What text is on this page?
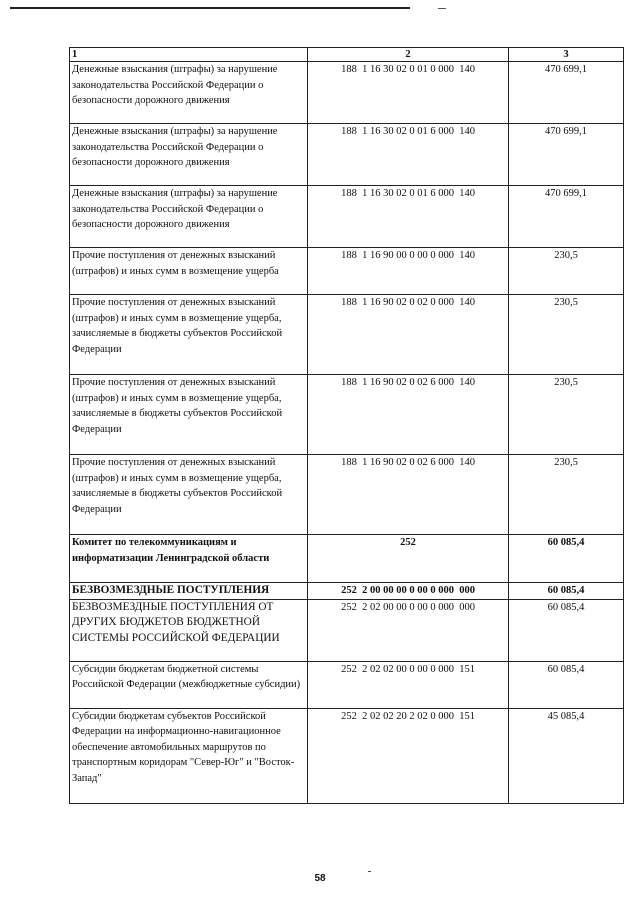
1	2	3
Денежные взыскания (штрафы) за нарушение законодательства Российской Федерации о безопасности дорожного движения	188  1 16 30 02 0 01 0 000  140	470 699,1
Денежные взыскания (штрафы) за нарушение законодательства Российской Федерации о безопасности дорожного движения	188  1 16 30 02 0 01 6 000  140	470 699,1
Денежные взыскания (штрафы) за нарушение законодательства Российской Федерации о безопасности дорожного движения	188  1 16 30 02 0 01 6 000  140	470 699,1
Прочие поступления от денежных взысканий (штрафов) и иных сумм в возмещение ущерба	188  1 16 90 00 0 00 0 000  140	230,5
Прочие поступления от денежных взысканий (штрафов) и иных сумм в возмещение ущерба, зачисляемые в бюджеты субъектов Российской Федерации	188  1 16 90 02 0 02 0 000  140	230,5
Прочие поступления от денежных взысканий (штрафов) и иных сумм в возмещение ущерба, зачисляемые в бюджеты субъектов Российской Федерации	188  1 16 90 02 0 02 6 000  140	230,5
Прочие поступления от денежных взысканий (штрафов) и иных сумм в возмещение ущерба, зачисляемые в бюджеты субъектов Российской Федерации	188  1 16 90 02 0 02 6 000  140	230,5
Комитет по телекоммуникациям и информатизации Ленинградской области	252	60 085,4
БЕЗВОЗМЕЗДНЫЕ ПОСТУПЛЕНИЯ	252  2 00 00 00 0 00 0 000  000	60 085,4
БЕЗВОЗМЕЗДНЫЕ ПОСТУПЛЕНИЯ ОТ ДРУГИХ БЮДЖЕТОВ БЮДЖЕТНОЙ СИСТЕМЫ РОССИЙСКОЙ ФЕДЕРАЦИИ	252  2 02 00 00 0 00 0 000  000	60 085,4
Субсидии бюджетам бюджетной системы Российской Федерации (межбюджетные субсидии)	252  2 02 02 00 0 00 0 000  151	60 085,4
Субсидии бюджетам субъектов Российской Федерации на информационно-навигационное обеспечение автомобильных маршрутов по транспортным коридорам "Север-Юг" и "Восток-Запад"	252  2 02 02 20 2 02 0 000  151	45 085,4
58
